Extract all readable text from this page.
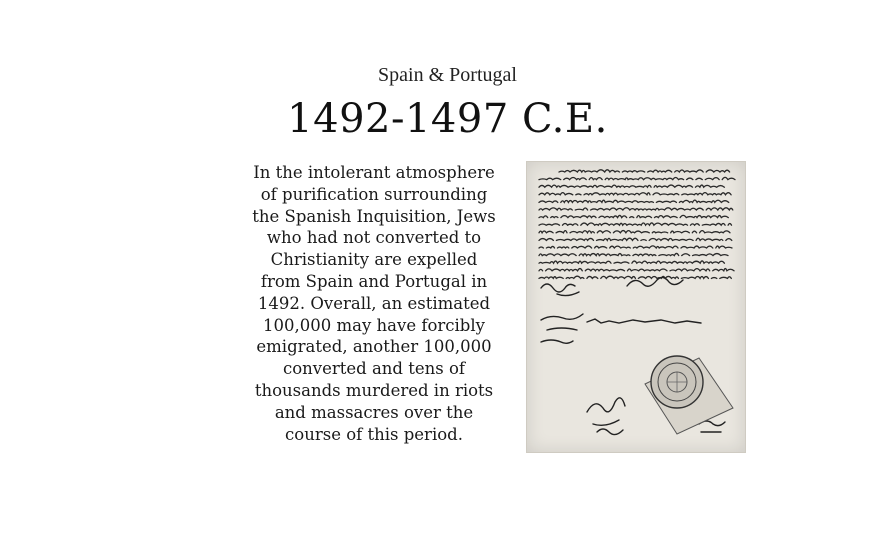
Spain & Portugal
1492-1497 C.E.
In the intolerant atmosphere
of purification surrounding
the Spanish Inquisition, Jews
who had not converted to
Christianity are expelled
from Spain and Portugal in
1492. Overall, an estimated
100,000 may have forcibly
emigrated, another 100,000
converted and tens of
thousands murdered in riots
and massacres over the
course of this period.
